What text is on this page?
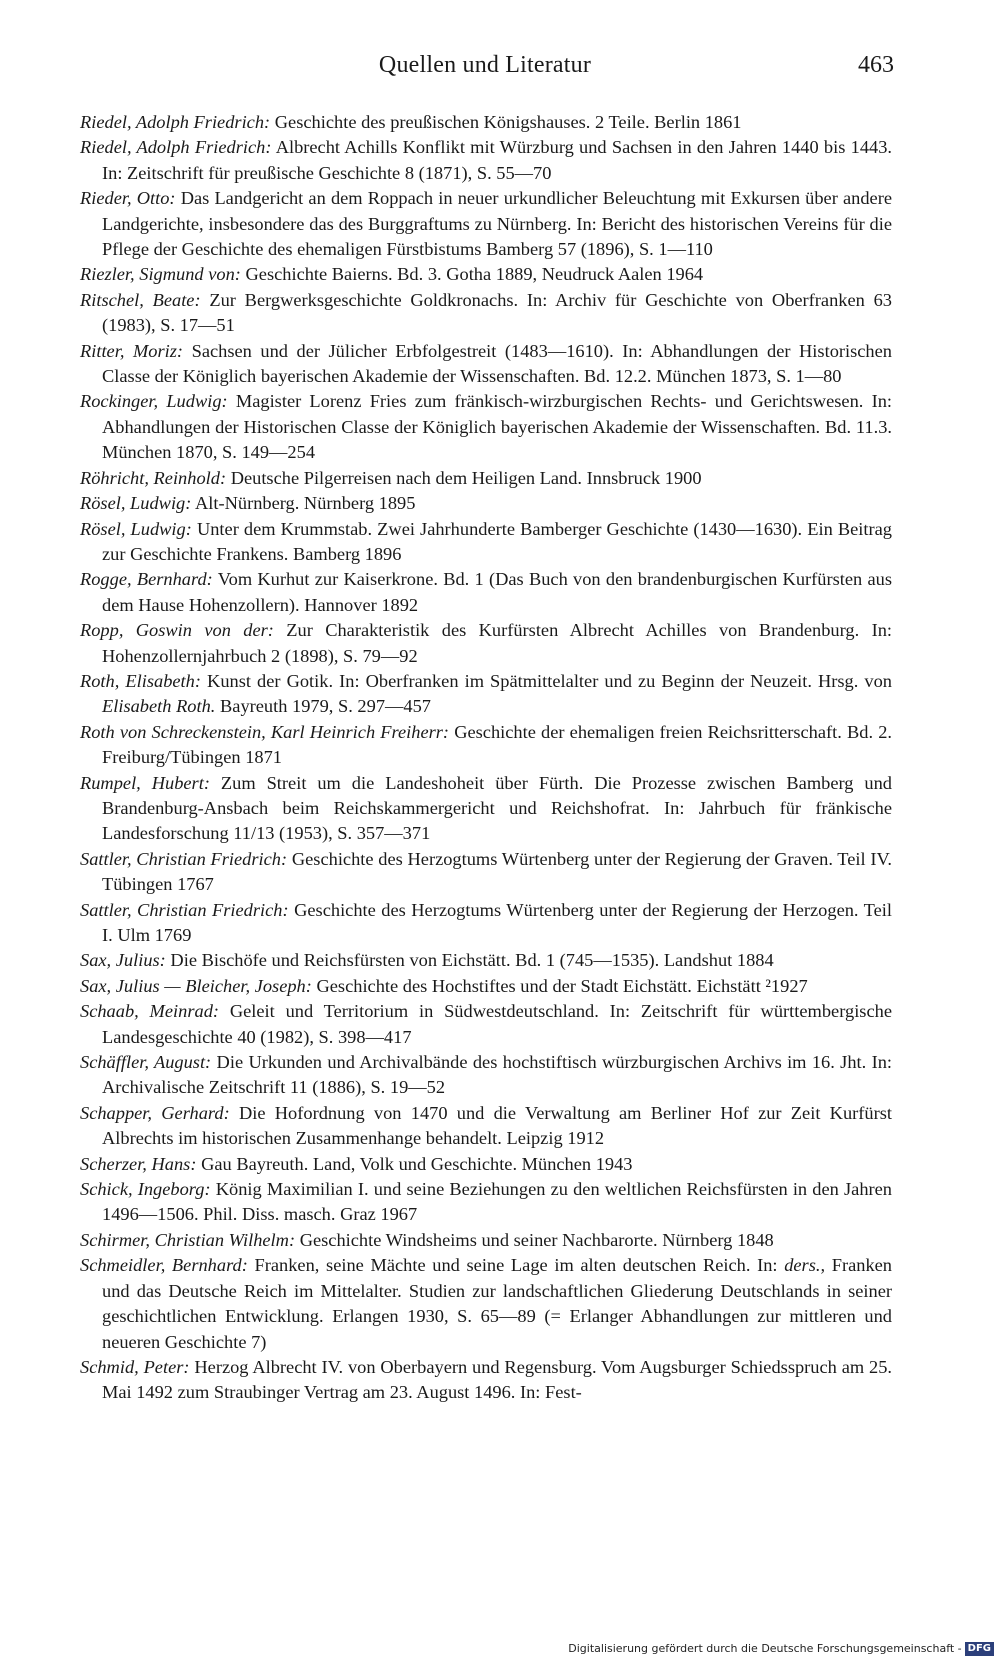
Quellen und Literatur	463

Riedel, Adolph Friedrich: Geschichte des preußischen Königshauses. 2 Teile. Berlin 1861

Riedel, Adolph Friedrich: Albrecht Achills Konflikt mit Würzburg und Sachsen in den Jahren 1440 bis 1443. In: Zeitschrift für preußische Geschichte 8 (1871), S. 55—70

Rieder, Otto: Das Landgericht an dem Roppach in neuer urkundlicher Beleuchtung mit Exkursen über andere Landgerichte, insbesondere das des Burggraftums zu Nürnberg. In: Bericht des historischen Vereins für die Pflege der Geschichte des ehemaligen Fürstbistums Bamberg 57 (1896), S. 1—110

Riezler, Sigmund von: Geschichte Baierns. Bd. 3. Gotha 1889, Neudruck Aalen 1964

Ritschel, Beate: Zur Bergwerksgeschichte Goldkronachs. In: Archiv für Geschichte von Oberfranken 63 (1983), S. 17—51

Ritter, Moriz: Sachsen und der Jülicher Erbfolgestreit (1483—1610). In: Abhandlungen der Historischen Classe der Königlich bayerischen Akademie der Wissenschaften. Bd. 12.2. München 1873, S. 1—80

Rockinger, Ludwig: Magister Lorenz Fries zum fränkisch-wirzburgischen Rechts- und Gerichtswesen. In: Abhandlungen der Historischen Classe der Königlich bayerischen Akademie der Wissenschaften. Bd. 11.3. München 1870, S. 149—254

Röhricht, Reinhold: Deutsche Pilgerreisen nach dem Heiligen Land. Innsbruck 1900

Rösel, Ludwig: Alt-Nürnberg. Nürnberg 1895

Rösel, Ludwig: Unter dem Krummstab. Zwei Jahrhunderte Bamberger Geschichte (1430—1630). Ein Beitrag zur Geschichte Frankens. Bamberg 1896

Rogge, Bernhard: Vom Kurhut zur Kaiserkrone. Bd. 1 (Das Buch von den brandenburgischen Kurfürsten aus dem Hause Hohenzollern). Hannover 1892

Ropp, Goswin von der: Zur Charakteristik des Kurfürsten Albrecht Achilles von Brandenburg. In: Hohenzollernjahrbuch 2 (1898), S. 79—92

Roth, Elisabeth: Kunst der Gotik. In: Oberfranken im Spätmittelalter und zu Beginn der Neuzeit. Hrsg. von Elisabeth Roth. Bayreuth 1979, S. 297—457

Roth von Schreckenstein, Karl Heinrich Freiherr: Geschichte der ehemaligen freien Reichsritterschaft. Bd. 2. Freiburg/Tübingen 1871

Rumpel, Hubert: Zum Streit um die Landeshoheit über Fürth. Die Prozesse zwischen Bamberg und Brandenburg-Ansbach beim Reichskammergericht und Reichshofrat. In: Jahrbuch für fränkische Landesforschung 11/13 (1953), S. 357—371

Sattler, Christian Friedrich: Geschichte des Herzogtums Würtenberg unter der Regierung der Graven. Teil IV. Tübingen 1767

Sattler, Christian Friedrich: Geschichte des Herzogtums Würtenberg unter der Regierung der Herzogen. Teil I. Ulm 1769

Sax, Julius: Die Bischöfe und Reichsfürsten von Eichstätt. Bd. 1 (745—1535). Landshut 1884

Sax, Julius — Bleicher, Joseph: Geschichte des Hochstiftes und der Stadt Eichstätt. Eichstätt ²1927

Schaab, Meinrad: Geleit und Territorium in Südwestdeutschland. In: Zeitschrift für württembergische Landesgeschichte 40 (1982), S. 398—417

Schäffler, August: Die Urkunden und Archivalbände des hochstiftisch würzburgischen Archivs im 16. Jht. In: Archivalische Zeitschrift 11 (1886), S. 19—52

Schapper, Gerhard: Die Hofordnung von 1470 und die Verwaltung am Berliner Hof zur Zeit Kurfürst Albrechts im historischen Zusammenhange behandelt. Leipzig 1912

Scherzer, Hans: Gau Bayreuth. Land, Volk und Geschichte. München 1943

Schick, Ingeborg: König Maximilian I. und seine Beziehungen zu den weltlichen Reichsfürsten in den Jahren 1496—1506. Phil. Diss. masch. Graz 1967

Schirmer, Christian Wilhelm: Geschichte Windsheims und seiner Nachbarorte. Nürnberg 1848

Schmeidler, Bernhard: Franken, seine Mächte und seine Lage im alten deutschen Reich. In: ders., Franken und das Deutsche Reich im Mittelalter. Studien zur landschaftlichen Gliederung Deutschlands in seiner geschichtlichen Entwicklung. Erlangen 1930, S. 65—89 (= Erlanger Abhandlungen zur mittleren und neueren Geschichte 7)

Schmid, Peter: Herzog Albrecht IV. von Oberbayern und Regensburg. Vom Augsburger Schiedsspruch am 25. Mai 1492 zum Straubinger Vertrag am 23. August 1496. In: Fest-

Digitalisierung gefördert durch die Deutsche Forschungsgemeinschaft - DFG
